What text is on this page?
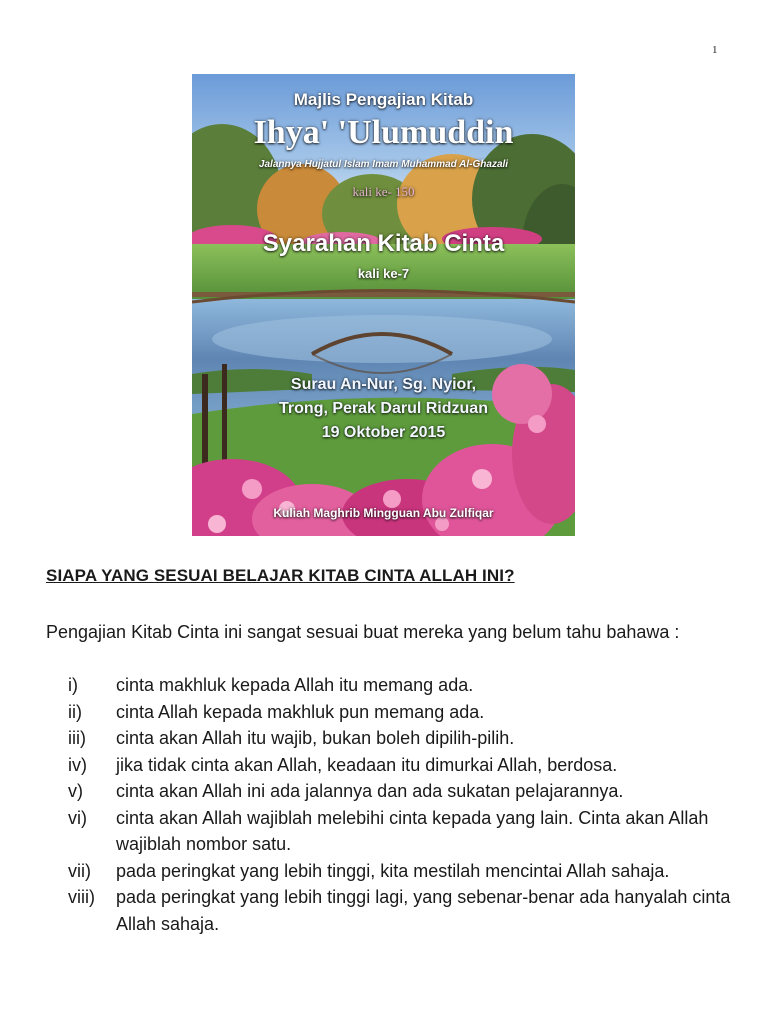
1
Majlis Pengajian Kitab
Ihya' 'Ulumuddin
Jalannya Hujjatul Islam Imam Muhammad Al-Ghazali
kali ke- 150
Syarahan Kitab Cinta
kali ke-7
Surau An-Nur, Sg. Nyior,
Trong, Perak Darul Ridzuan
19 Oktober 2015
Kuliah Maghrib Mingguan Abu Zulfiqar
SIAPA YANG SESUAI BELAJAR KITAB CINTA ALLAH INI?
Pengajian Kitab Cinta ini sangat sesuai buat mereka yang belum tahu bahawa :
i) cinta makhluk kepada Allah itu memang ada.
ii) cinta Allah kepada makhluk pun memang ada.
iii) cinta akan Allah itu wajib, bukan boleh dipilih-pilih.
iv) jika tidak cinta akan Allah, keadaan itu dimurkai Allah, berdosa.
v) cinta akan Allah ini ada jalannya dan ada sukatan pelajarannya.
vi) cinta akan Allah wajiblah melebihi cinta kepada yang lain. Cinta akan Allah wajiblah nombor satu.
vii) pada peringkat yang lebih tinggi, kita mestilah mencintai Allah sahaja.
viii) pada peringkat yang lebih tinggi lagi, yang sebenar-benar ada hanyalah cinta Allah sahaja.
